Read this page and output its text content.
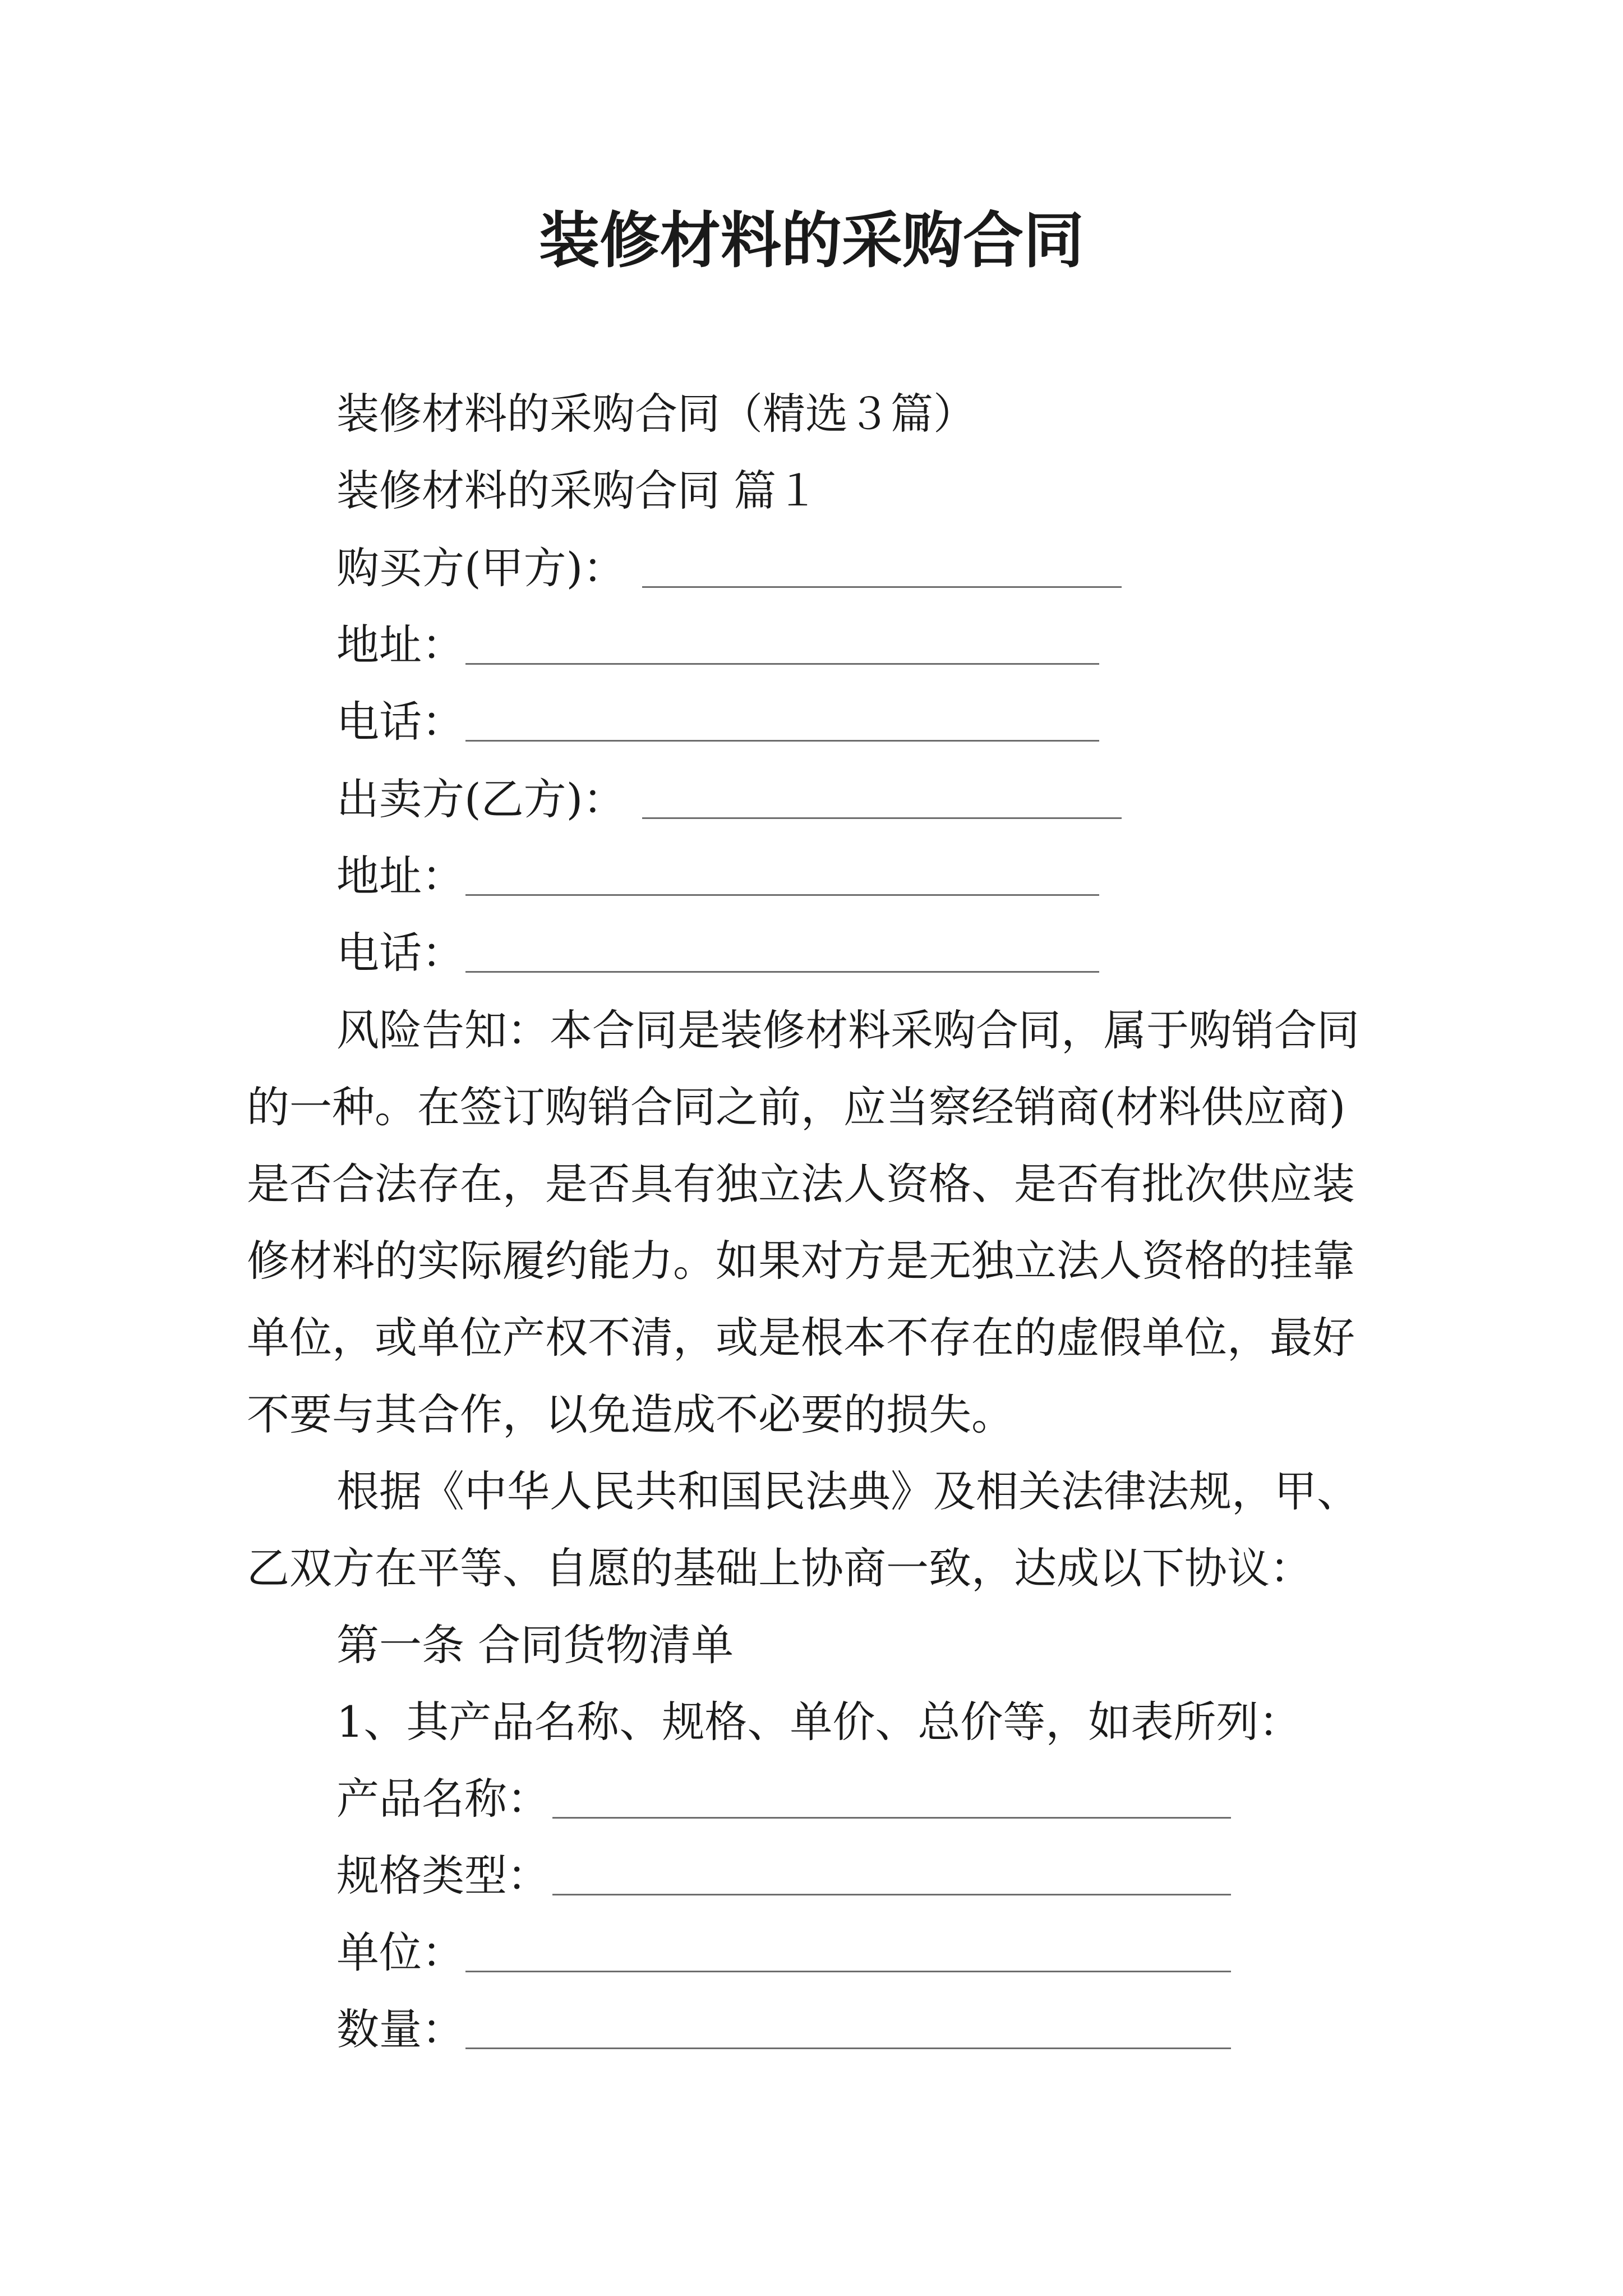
装修材料的采购合同

装修材料的采购合同（精选３篇）

装修材料的采购合同 篇１

购买方(甲方)：

地址：

电话：

出卖方(乙方)：

地址：

电话：

风险告知：本合同是装修材料采购合同，属于购销合同

的一种。在签订购销合同之前，应当察经销商(材料供应商)

是否合法存在，是否具有独立法人资格、是否有批次供应装

修材料的实际履约能力。如果对方是无独立法人资格的挂靠

单位，或单位产权不清，或是根本不存在的虚假单位，最好

不要与其合作，以免造成不必要的损失。

根据《中华人民共和国民法典》及相关法律法规，甲、

乙双方在平等、自愿的基础上协商一致，达成以下协议：

第一条 合同货物清单

1、其产品名称、规格、单价、总价等，如表所列：

产品名称：

规格类型：

单位：

数量：
